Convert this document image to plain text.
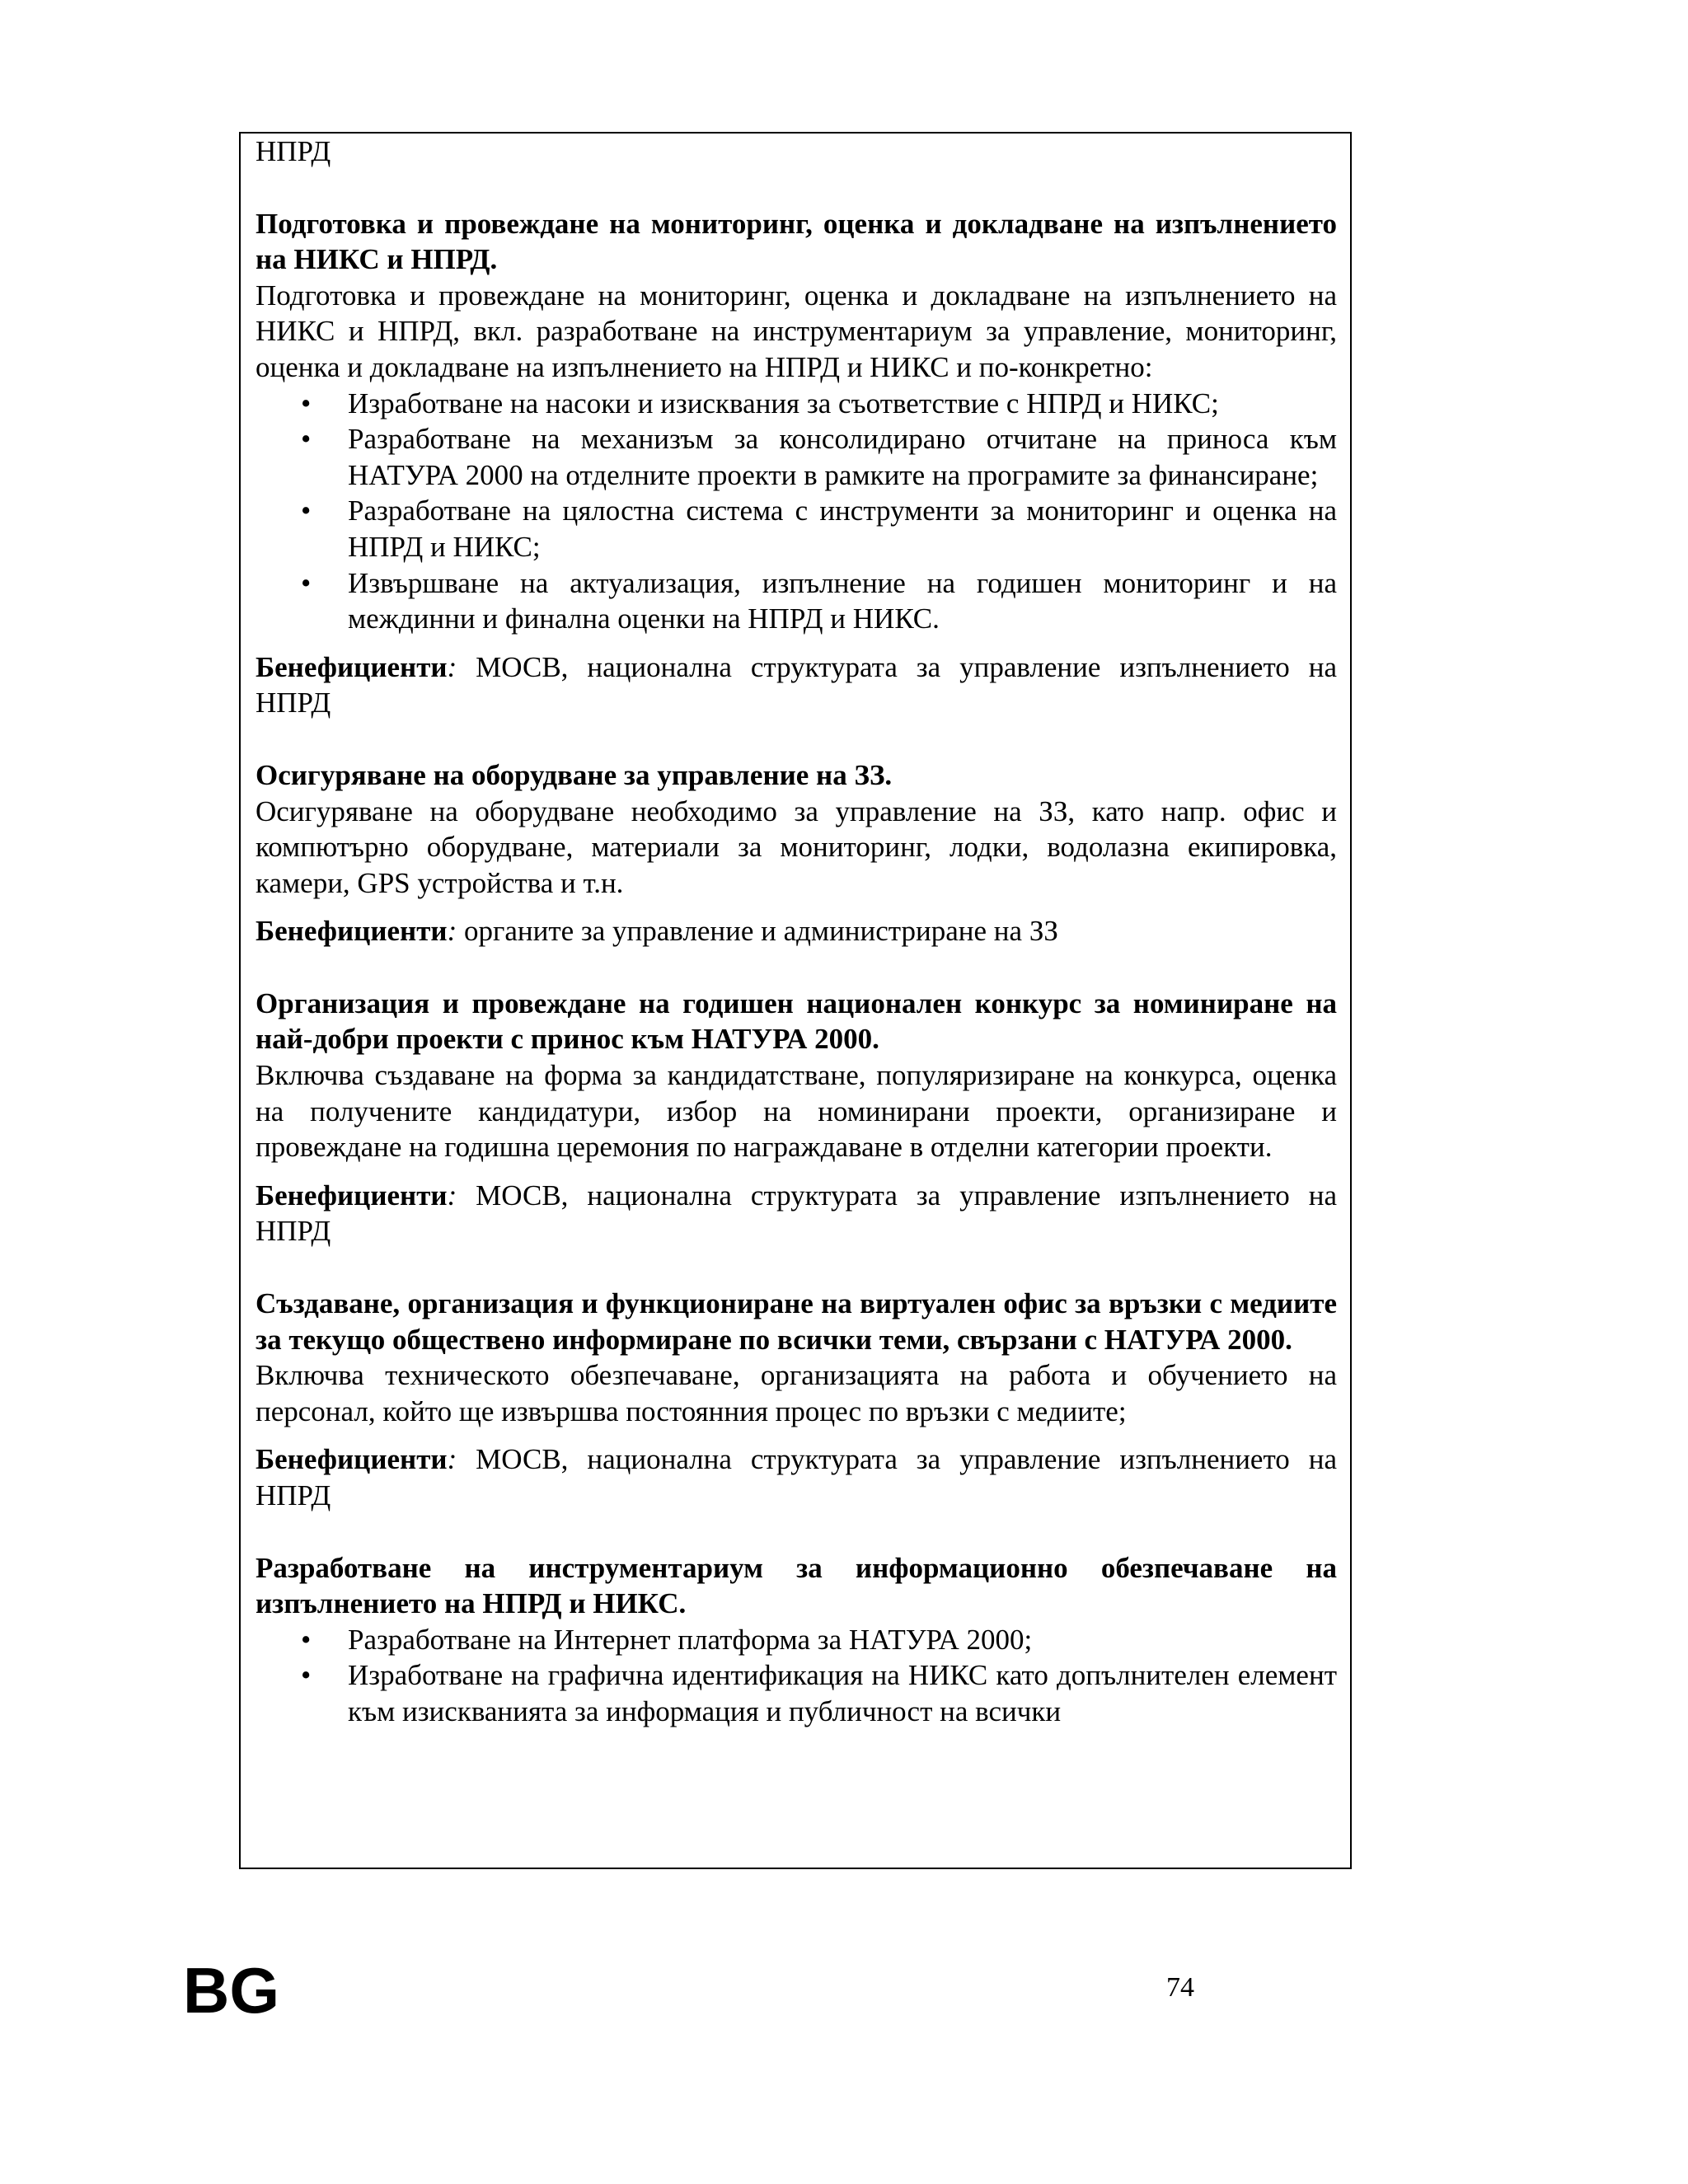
НПРД

Подготовка и провеждане на мониторинг, оценка и докладване на изпълнението на НИКС и НПРД.

Подготовка и провеждане на мониторинг, оценка и докладване на изпълнението на НИКС и НПРД, вкл. разработване на инструментариум за управление, мониторинг, оценка и докладване на изпълнението на НПРД и НИКС и по-конкретно:

• Изработване на насоки и изисквания за съответствие с НПРД и НИКС;
• Разработване на механизъм за консолидирано отчитане на приноса към НАТУРА 2000 на отделните проекти в рамките на програмите за финансиране;
• Разработване на цялостна система с инструменти за мониторинг и оценка на НПРД и НИКС;
• Извършване на актуализация, изпълнение на годишен мониторинг и на междинни и финална оценки на НПРД и НИКС.

Бенефициенти: МОСВ, национална структурата за управление изпълнението на НПРД

Осигуряване на оборудване за управление на ЗЗ.

Осигуряване на оборудване необходимо за управление на ЗЗ, като напр. офис и компютърно оборудване, материали за мониторинг, лодки, водолазна екипировка, камери, GPS устройства и т.н.

Бенефициенти: органите за управление и администриране на ЗЗ

Организация и провеждане на годишен национален конкурс за номиниране на най-добри проекти с принос към НАТУРА 2000.

Включва създаване на форма за кандидатстване, популяризиране на конкурса, оценка на получените кандидатури, избор на номинирани проекти, организиране и провеждане на годишна церемония по награждаване в отделни категории проекти.

Бенефициенти: МОСВ, национална структурата за управление изпълнението на НПРД

Създаване, организация и функциониране на виртуален офис за връзки с медиите за текущо обществено информиране по всички теми, свързани с НАТУРА 2000.

Включва техническото обезпечаване, организацията на работа и обучението на персонал, който ще извършва постоянния процес по връзки с медиите;

Бенефициенти: МОСВ, национална структурата за управление изпълнението на НПРД

Разработване на инструментариум за информационно обезпечаване на изпълнението на НПРД и НИКС.

• Разработване на Интернет платформа за НАТУРА 2000;
• Изработване на графична идентификация на НИКС като допълнителен елемент към изискванията за информация и публичност на всички
BG	74
